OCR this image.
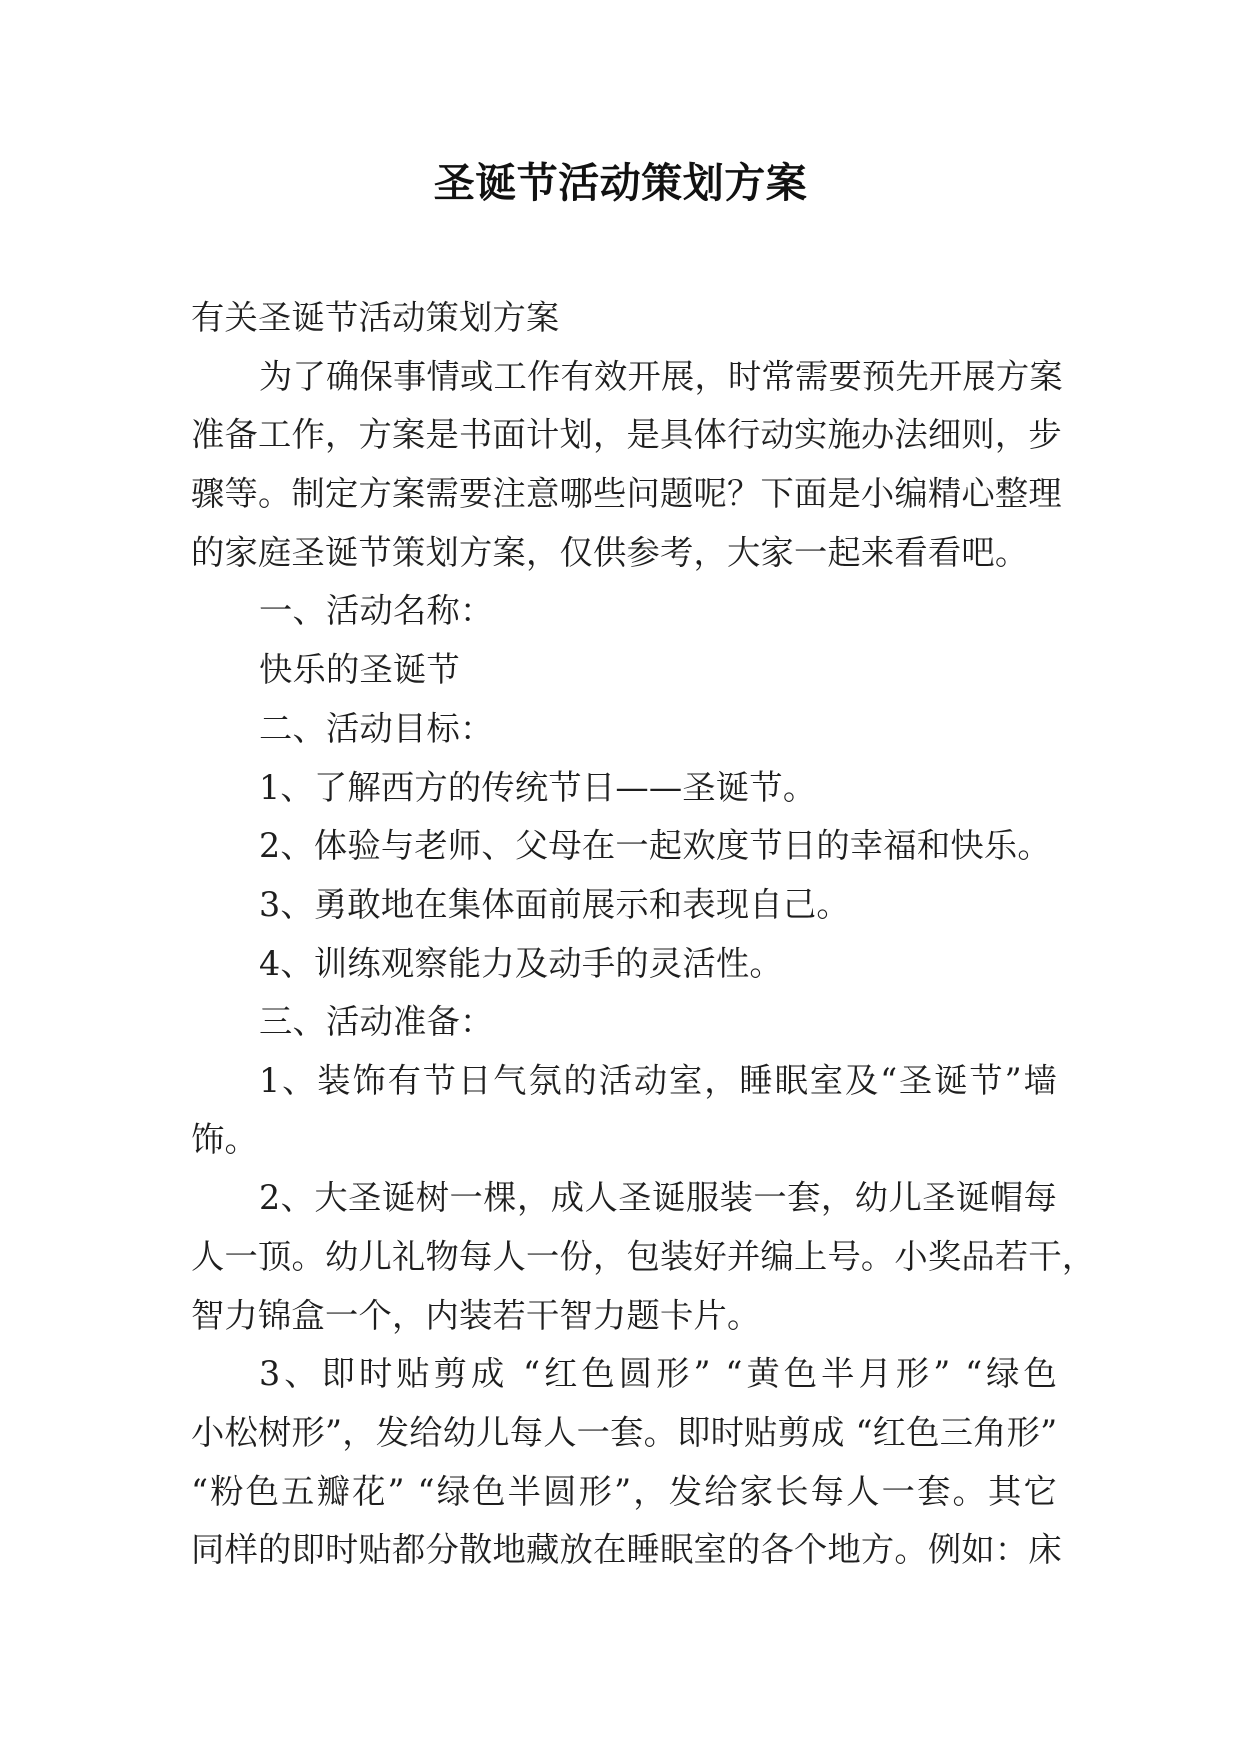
圣诞节活动策划方案
有关圣诞节活动策划方案
为了确保事情或工作有效开展，时常需要预先开展方案
准备工作，方案是书面计划，是具体行动实施办法细则，步
骤等。制定方案需要注意哪些问题呢？下面是小编精心整理
的家庭圣诞节策划方案，仅供参考，大家一起来看看吧。
一、活动名称：
快乐的圣诞节
二、活动目标：
1、了解西方的传统节日——圣诞节。
2、体验与老师、父母在一起欢度节日的幸福和快乐。
3、勇敢地在集体面前展示和表现自己。
4、训练观察能力及动手的灵活性。
三、活动准备：
1、装饰有节日气氛的活动室，睡眠室及“圣诞节”墙
饰。
2、大圣诞树一棵，成人圣诞服装一套，幼儿圣诞帽每
人一顶。幼儿礼物每人一份，包装好并编上号。小奖品若干，
智力锦盒一个，内装若干智力题卡片。
3、即时贴剪成 “红色圆形” “黄色半月形” “绿色
小松树形”，发给幼儿每人一套。即时贴剪成 “红色三角形”
“粉色五瓣花” “绿色半圆形”，发给家长每人一套。其它
同样的即时贴都分散地藏放在睡眠室的各个地方。例如：床
